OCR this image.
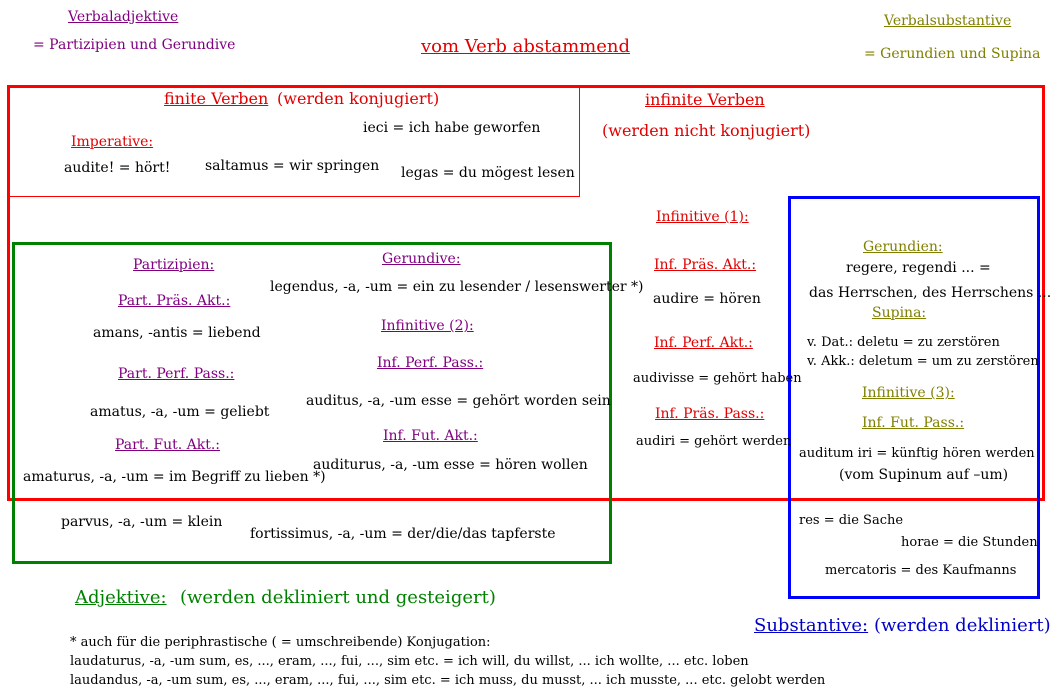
Verbaladjektive
= Partizipien und Gerundive	vom Verb abstammend
Verbalsubstantive
= Gerundien und Supina
finite Verben (werden konjugiert)
Imperative:
audite! = hört! saltamus = wir springen
ieci = ich habe geworfen
legas = du mögest lesen
infinite Verben
(werden nicht konjugiert)
Infinitive (1):
Inf. Präs. Akt.:
audire = hören
Inf. Perf. Akt.:
audivisse = gehört haben
Inf. Präs. Pass.:
audiri = gehört werden
Partizipien:
Part. Präs. Akt.:
amans, -antis = liebend
Part. Perf. Pass.:
amatus, -a, -um = geliebt
Part. Fut. Akt.:
amaturus, -a, -um = im Begriff zu lieben *)
Gerundive:
legendus, -a, -um = ein zu lesender / lesenswerter *)
Infinitive (2):
Inf. Perf. Pass.:
auditus, -a, -um esse = gehört worden sein
Inf. Fut. Akt.:
auditurus, -a, -um esse = hören wollen
parvus, -a, -um = klein
fortissimus, -a, -um = der/die/das tapferste
Adjektive: (werden dekliniert und gesteigert)
Gerundien:
regere, regendi ... =
das Herrschen, des Herrschens ...
Supina:
v. Dat.: deletu = zu zerstören
v. Akk.: deletum = um zu zerstören
Infinitive (3):
Inf. Fut. Pass.:
auditum iri = künftig hören werden
(vom Supinum auf –um)
res = die Sache
horae = die Stunden
mercatoris = des Kaufmanns
Substantive: (werden dekliniert)
* auch für die periphrastische ( = umschreibende) Konjugation:
laudaturus, -a, -um sum, es, ..., eram, ..., fui, ..., sim etc. = ich will, du willst, ... ich wollte, ... etc. loben
laudandus, -a, -um sum, es, ..., eram, ..., fui, ..., sim etc. = ich muss, du musst, ... ich musste, ... etc. gelobt werden
